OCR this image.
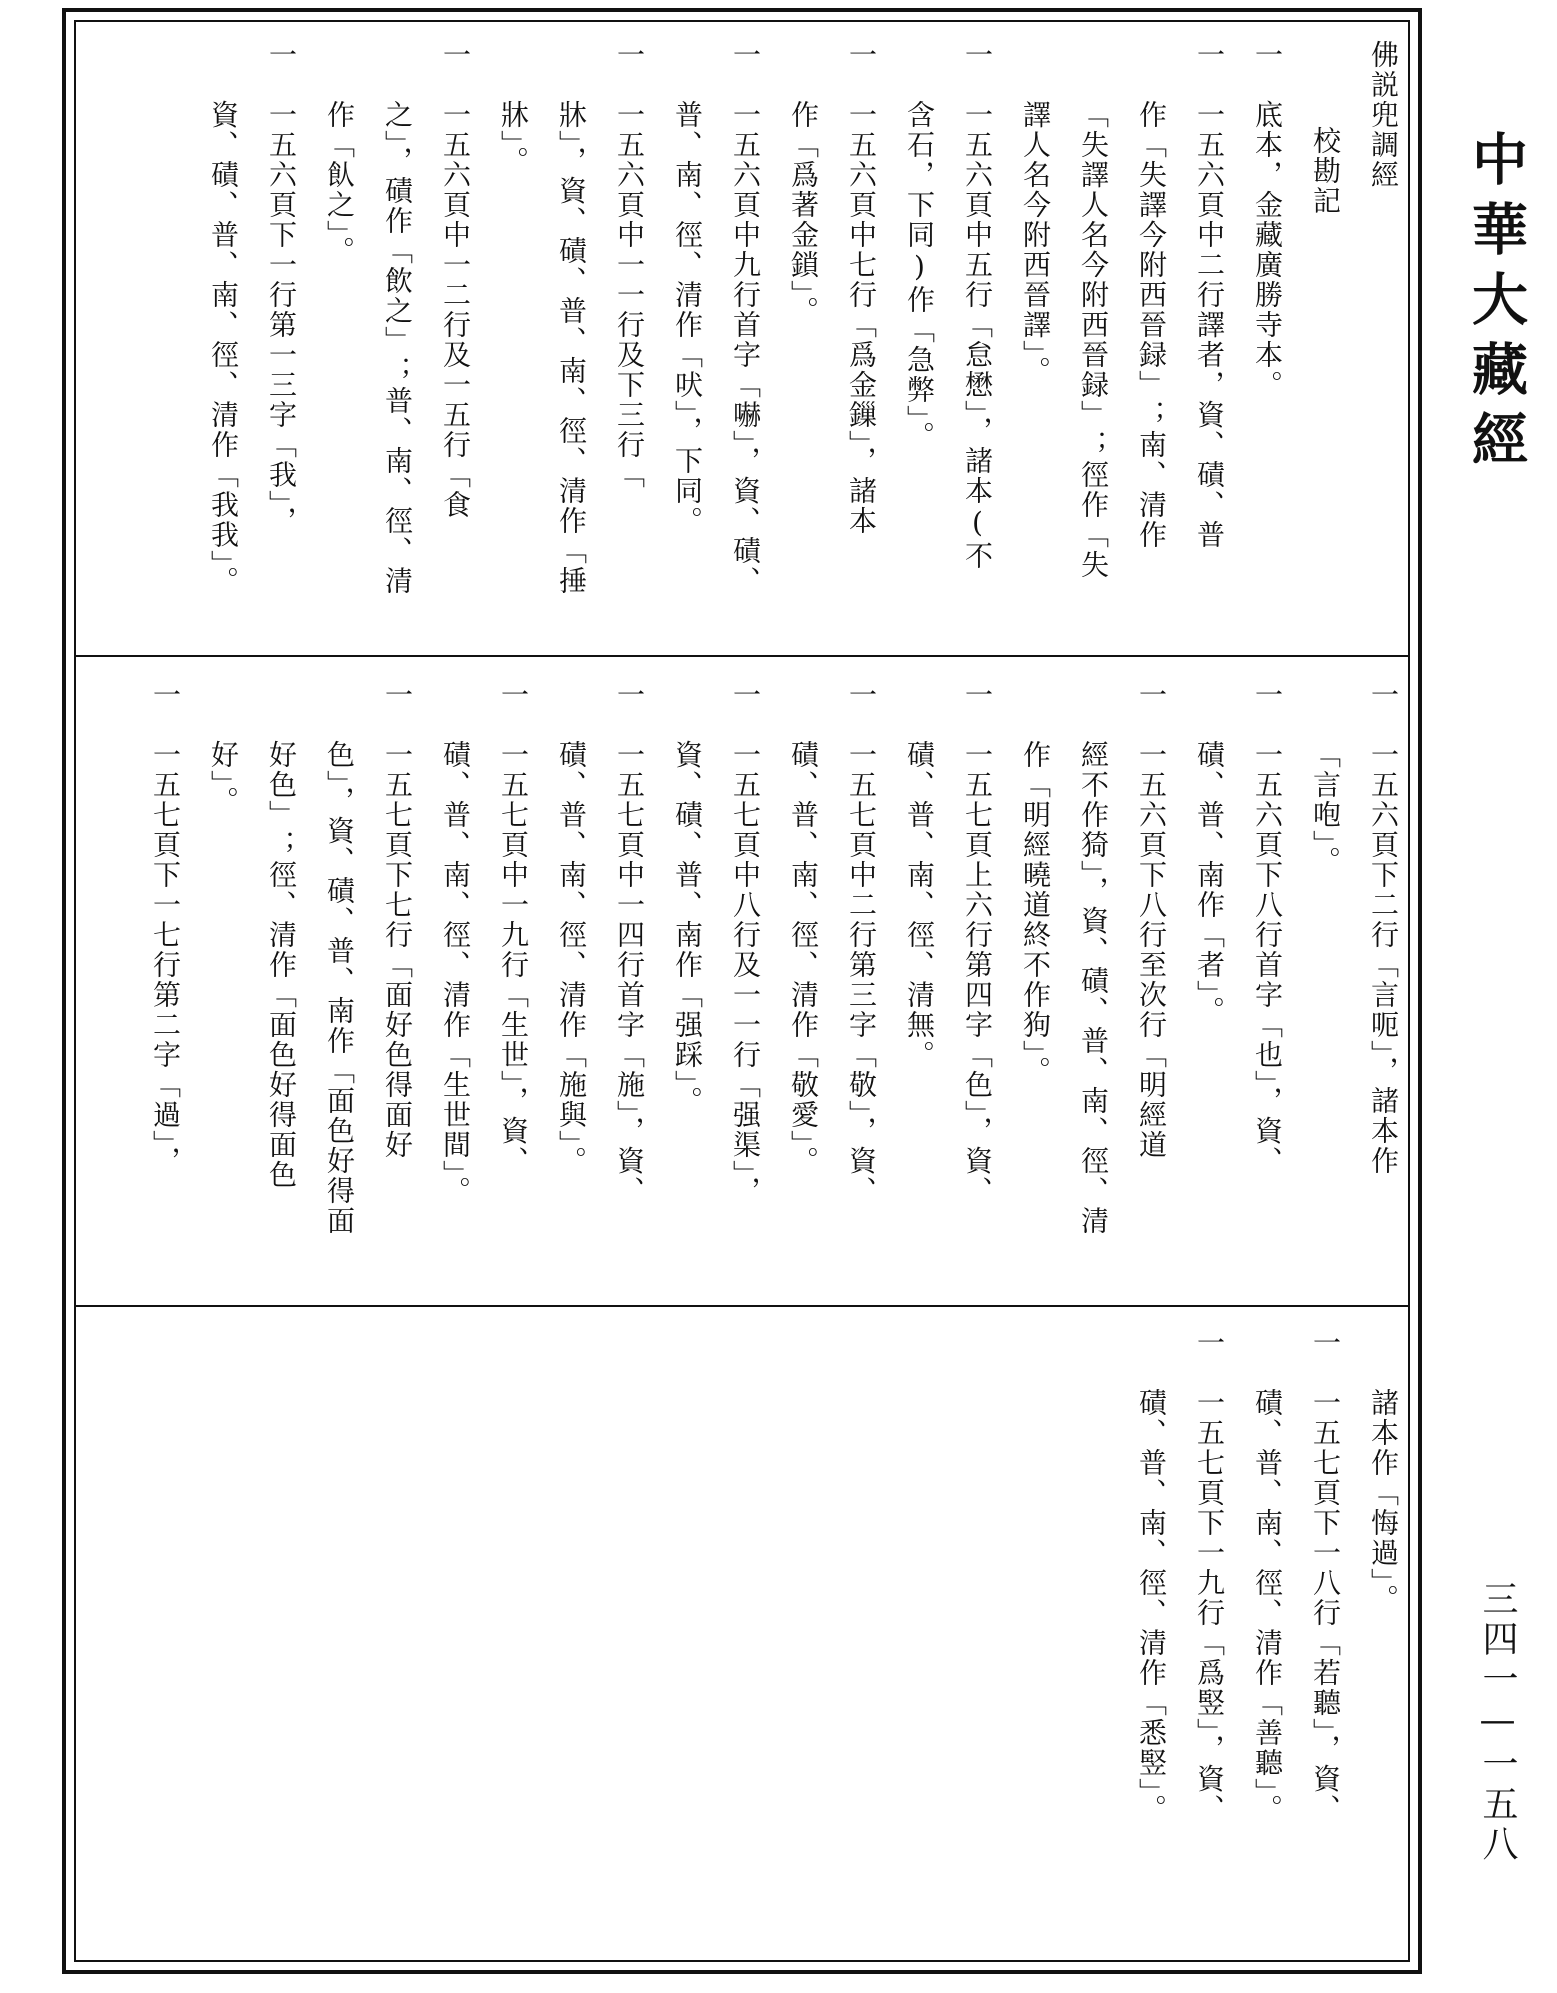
佛説兜調經
校勘記
一　底本，金藏廣勝寺本。
一　一五六頁中二行譯者，資、磧、普
作「失譯今附西晉録」；南、清作
「失譯人名今附西晉録」；徑作「失
譯人名今附西晉譯」。
一　一五六頁中五行「怠懋」，諸本(不
含石，下同)作「急弊」。
一　一五六頁中七行「爲金鏁」，諸本
作「爲著金鎖」。
一　一五六頁中九行首字「嚇」，資、磧、
普、南、徑、清作「吠」，下同。
一　一五六頁中一一行及下三行「
牀」，資、磧、普、南、徑、清作「捶
牀」。
一　一五六頁中一二行及一五行「食
之」，磧作「飲之」；普、南、徑、清
作「飤之」。
一　一五六頁下一行第一三字「我」，
資、磧、普、南、徑、清作「我我」。
一　一五六頁下二行「言呃」，諸本作
「言咆」。
一　一五六頁下八行首字「也」，資、
磧、普、南作「者」。
一　一五六頁下八行至次行「明經道
經不作猗」，資、磧、普、南、徑、清
作「明經曉道終不作狗」。
一　一五七頁上六行第四字「色」，資、
磧、普、南、徑、清無。
一　一五七頁中二行第三字「敬」，資、
磧、普、南、徑、清作「敬愛」。
一　一五七頁中八行及一一行「强渠」，
資、磧、普、南作「强踩」。
一　一五七頁中一四行首字「施」，資、
磧、普、南、徑、清作「施與」。
一　一五七頁中一九行「生世」，資、
磧、普、南、徑、清作「生世間」。
一　一五七頁下七行「面好色得面好
色」，資、磧、普、南作「面色好得面
好色」；徑、清作「面色好得面色
好」。
一　一五七頁下一七行第二字「過」，
諸本作「悔過」。
一　一五七頁下一八行「若聽」，資、
磧、普、南、徑、清作「善聽」。
一　一五七頁下一九行「爲竪」，資、
磧、普、南、徑、清作「悉竪」。
中華大藏經
三四一—一五八
